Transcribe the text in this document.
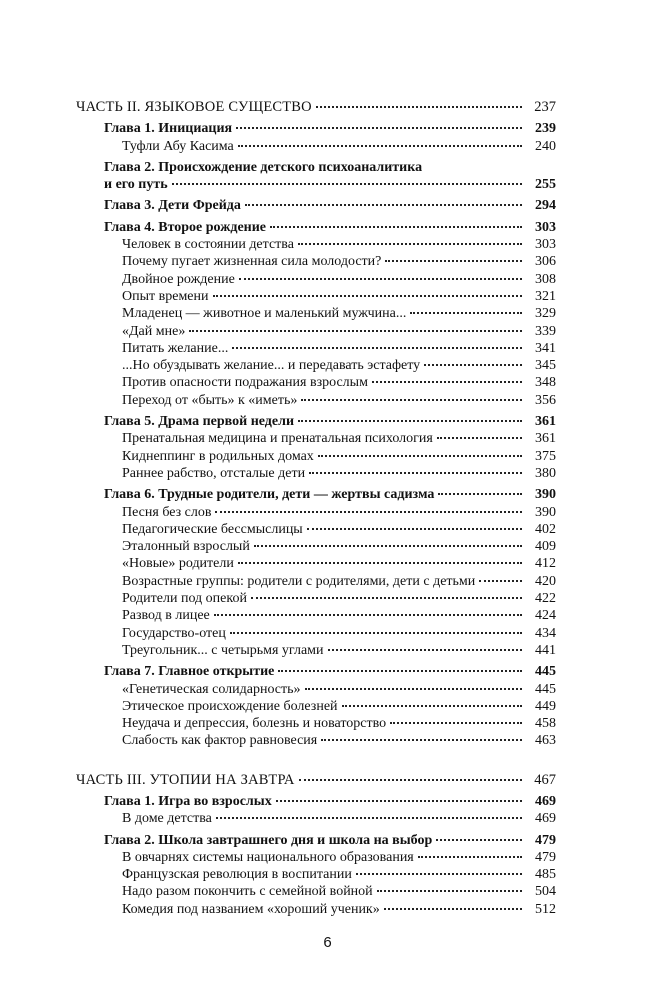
ЧАСТЬ II. ЯЗЫКОВОЕ СУЩЕСТВО	237
Глава 1. Инициация	239
Туфли Абу Касима	240
Глава 2. Происхождение детского психоаналитика
и его путь	255
Глава 3. Дети Фрейда	294
Глава 4. Второе рождение	303
Человек в состоянии детства	303
Почему пугает жизненная сила молодости?	306
Двойное рождение	308
Опыт времени	321
Младенец — животное и маленький мужчина...	329
«Дай мне»	339
Питать желание...	341
...Но обуздывать желание... и передавать эстафету	345
Против опасности подражания взрослым	348
Переход от «быть» к «иметь»	356
Глава 5. Драма первой недели	361
Пренатальная медицина и пренатальная психология	361
Киднеппинг в родильных домах	375
Раннее рабство, отсталые дети	380
Глава 6. Трудные родители, дети — жертвы садизма	390
Песня без слов	390
Педагогические бессмыслицы	402
Эталонный взрослый	409
«Новые» родители	412
Возрастные группы: родители с родителями, дети с детьми	420
Родители под опекой	422
Развод в лицее	424
Государство-отец	434
Треугольник... с четырьмя углами	441
Глава 7. Главное открытие	445
«Генетическая солидарность»	445
Этическое происхождение болезней	449
Неудача и депрессия, болезнь и новаторство	458
Слабость как фактор равновесия	463
ЧАСТЬ III. УТОПИИ НА ЗАВТРА	467
Глава 1. Игра во взрослых	469
В доме детства	469
Глава 2. Школа завтрашнего дня и школа на выбор	479
В овчарнях системы национального образования	479
Французская революция в воспитании	485
Надо разом покончить с семейной войной	504
Комедия под названием «хороший ученик»	512
6
